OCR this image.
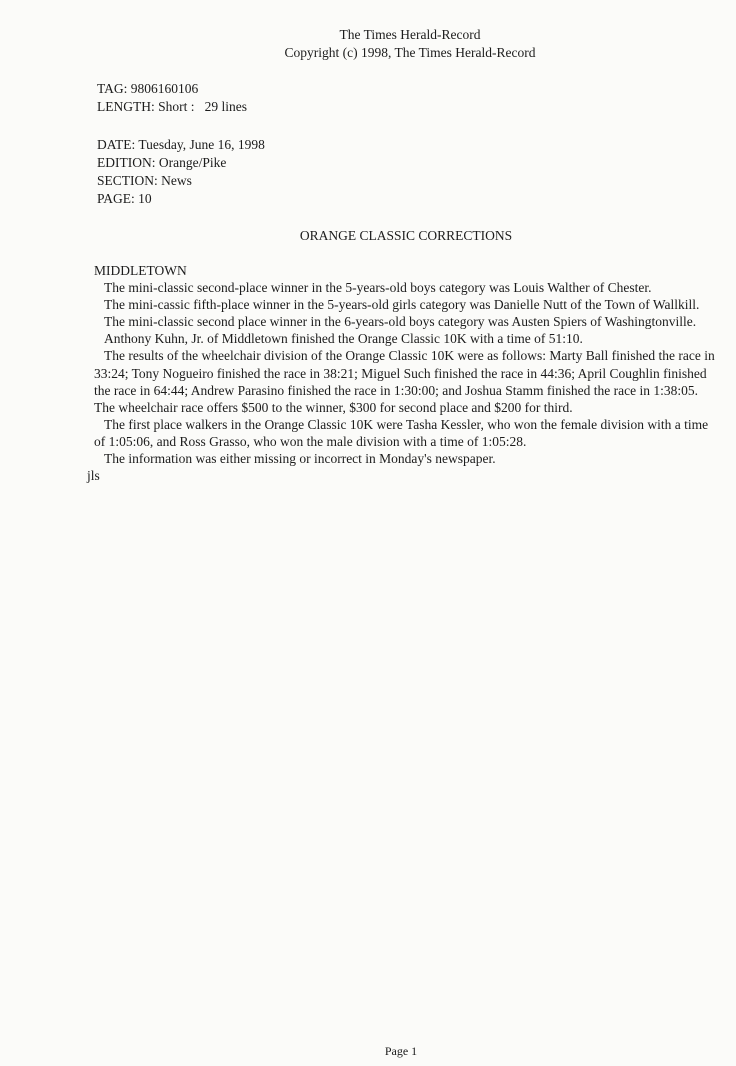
The Times Herald-Record
Copyright (c) 1998, The Times Herald-Record
TAG: 9806160106
LENGTH: Short :   29 lines
DATE: Tuesday, June 16, 1998
EDITION: Orange/Pike
SECTION: News
PAGE: 10
ORANGE CLASSIC CORRECTIONS

MIDDLETOWN

The mini-classic second-place winner in the 5-years-old boys category was Louis Walther of Chester.

The mini-cassic fifth-place winner in the 5-years-old girls category was Danielle Nutt of the Town of Wallkill.

The mini-classic second place winner in the 6-years-old boys category was Austen Spiers of Washingtonville.

Anthony Kuhn, Jr. of Middletown finished the Orange Classic 10K with a time of 51:10.

The results of the wheelchair division of the Orange Classic 10K were as follows: Marty Ball finished the race in 33:24; Tony Nogueiro finished the race in 38:21; Miguel Such finished the race in 44:36; April Coughlin finished the race in 64:44; Andrew Parasino finished the race in 1:30:00; and Joshua Stamm finished the race in 1:38:05. The wheelchair race offers $500 to the winner, $300 for second place and $200 for third.

The first place walkers in the Orange Classic 10K were Tasha Kessler, who won the female division with a time of 1:05:06, and Ross Grasso, who won the male division with a time of 1:05:28.

The information was either missing or incorrect in Monday's newspaper.

jls

Page 1
